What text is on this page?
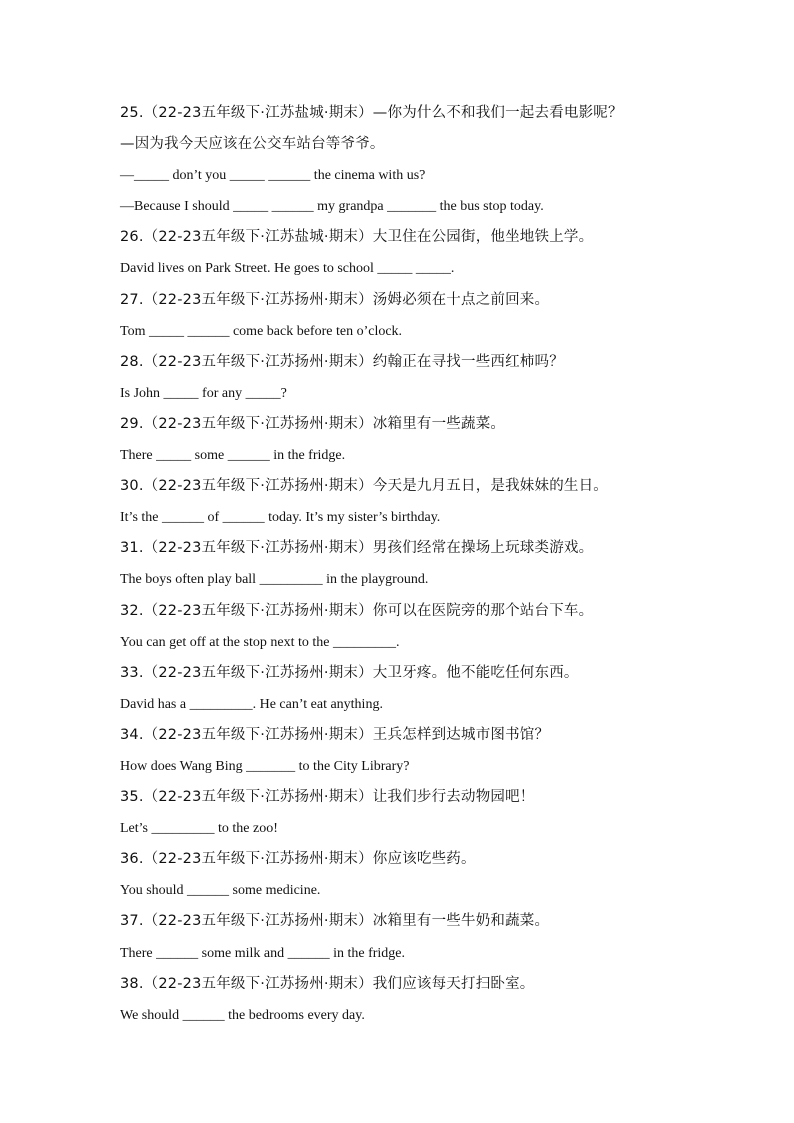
25.（22-23五年级下·江苏盐城·期末）—你为什么不和我们一起去看电影呢？
—因为我今天应该在公交车站台等爷爷。
—_____ don’t you _____ ______ the cinema with us?
—Because I should _____ ______ my grandpa _______ the bus stop today.
26.（22-23五年级下·江苏盐城·期末）大卫住在公园街，他坐地铁上学。
David lives on Park Street. He goes to school _____ _____.
27.（22-23五年级下·江苏扬州·期末）汤姆必须在十点之前回来。
Tom _____ ______ come back before ten o’clock.
28.（22-23五年级下·江苏扬州·期末）约翰正在寻找一些西红柿吗？
Is John _____ for any _____?
29.（22-23五年级下·江苏扬州·期末）冰箱里有一些蔬菜。
There _____ some ______ in the fridge.
30.（22-23五年级下·江苏扬州·期末）今天是九月五日，是我妹妹的生日。
It’s the ______ of ______ today. It’s my sister’s birthday.
31.（22-23五年级下·江苏扬州·期末）男孩们经常在操场上玩球类游戏。
The boys often play ball _________ in the playground.
32.（22-23五年级下·江苏扬州·期末）你可以在医院旁的那个站台下车。
You can get off at the stop next to the _________.
33.（22-23五年级下·江苏扬州·期末）大卫牙疼。他不能吃任何东西。
David has a _________. He can’t eat anything.
34.（22-23五年级下·江苏扬州·期末）王兵怎样到达城市图书馆？
How does Wang Bing _______ to the City Library?
35.（22-23五年级下·江苏扬州·期末）让我们步行去动物园吧！
Let’s _________ to the zoo!
36.（22-23五年级下·江苏扬州·期末）你应该吃些药。
You should ______ some medicine.
37.（22-23五年级下·江苏扬州·期末）冰箱里有一些牛奶和蔬菜。
There ______ some milk and ______ in the fridge.
38.（22-23五年级下·江苏扬州·期末）我们应该每天打扫卧室。
We should ______ the bedrooms every day.
